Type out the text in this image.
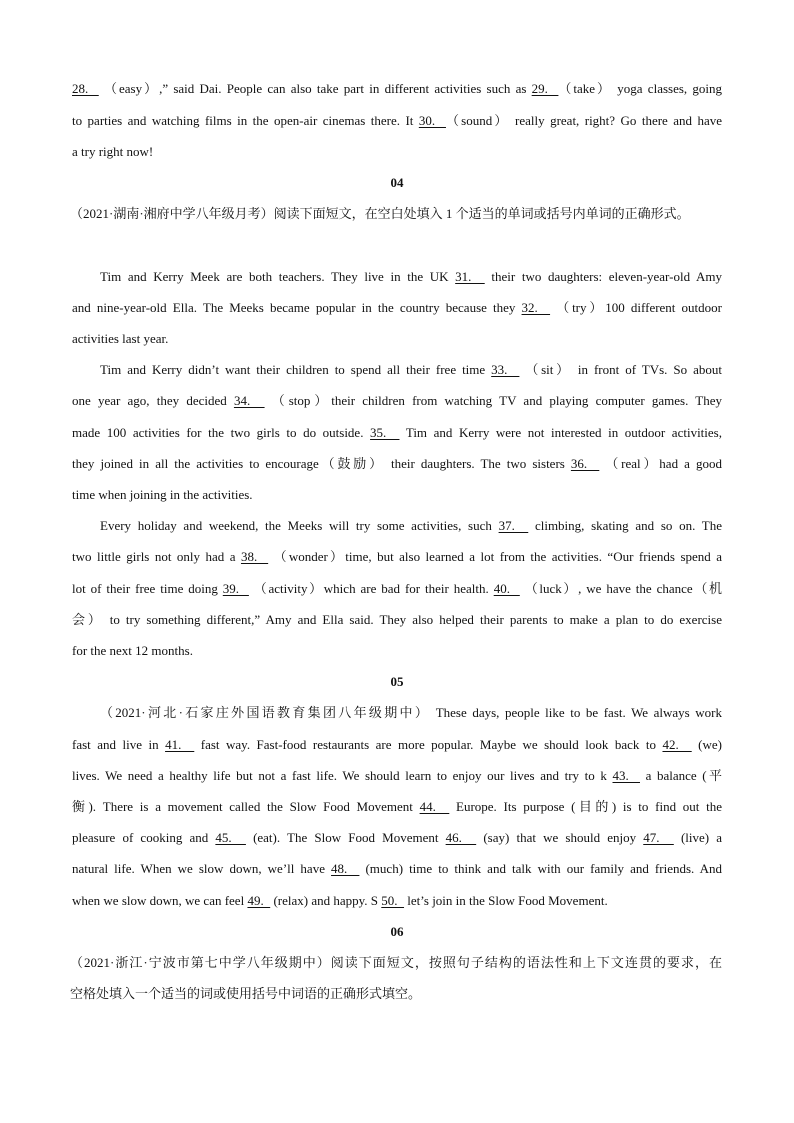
28.   （easy）,” said Dai. People can also take part in different activities such as 29.  （take） yoga classes, going
to parties and watching films in the open-air cinemas there. It 30.  （sound） really great, right? Go there and have
a try right now!
04
（2021·湖南·湘府中学八年级月考）阅读下面短文，在空白处填入 1 个适当的单词或括号内单词的正确形式。
Tim and Kerry Meek are both teachers. They live in the UK 31.   their two daughters: eleven-year-old Amy
and nine-year-old Ella. The Meeks became popular in the country because they 32.   （try）100 different outdoor
activities last year.
Tim and Kerry didn’t want their children to spend all their free time 33.   （sit） in front of TVs. So about
one year ago, they decided 34.   （stop）their children from watching TV and playing computer games. They
made 100 activities for the two girls to do outside. 35.   Tim and Kerry were not interested in outdoor activities,
they joined in all the activities to encourage（鼓励） their daughters. The two sisters 36.   （real）had a good
time when joining in the activities.
Every holiday and weekend, the Meeks will try some activities, such 37.   climbing, skating and so on. The
two little girls not only had a 38.   （wonder）time, but also learned a lot from the activities. “Our friends spend a
lot of their free time doing 39.   （activity）which are bad for their health. 40.   （luck）, we have the chance（机
会） to try something different,” Amy and Ella said. They also helped their parents to make a plan to do exercise
for the next 12 months.
05
（2021·河北·石家庄外国语教育集团八年级期中） These days, people like to be fast. We always work
fast and live in 41.   fast way. Fast-food restaurants are more popular. Maybe we should look back to 42.   (we)
lives. We need a healthy life but not a fast life. We should learn to enjoy our lives and try to k 43.   a balance (平
衡). There is a movement called the Slow Food Movement 44.   Europe. Its purpose (目的) is to find out the
pleasure of cooking and 45.   (eat). The Slow Food Movement 46.   (say) that we should enjoy 47.   (live) a
natural life. When we slow down, we’ll have 48.   (much) time to think and talk with our family and friends. And
when we slow down, we can feel 49.   (relax) and happy. S 50.   let’s join in the Slow Food Movement.
06
（2021·浙江·宁波市第七中学八年级期中）阅读下面短文，按照句子结构的语法性和上下文连贯的要求，在
空格处填入一个适当的词或使用括号中词语的正确形式填空。
